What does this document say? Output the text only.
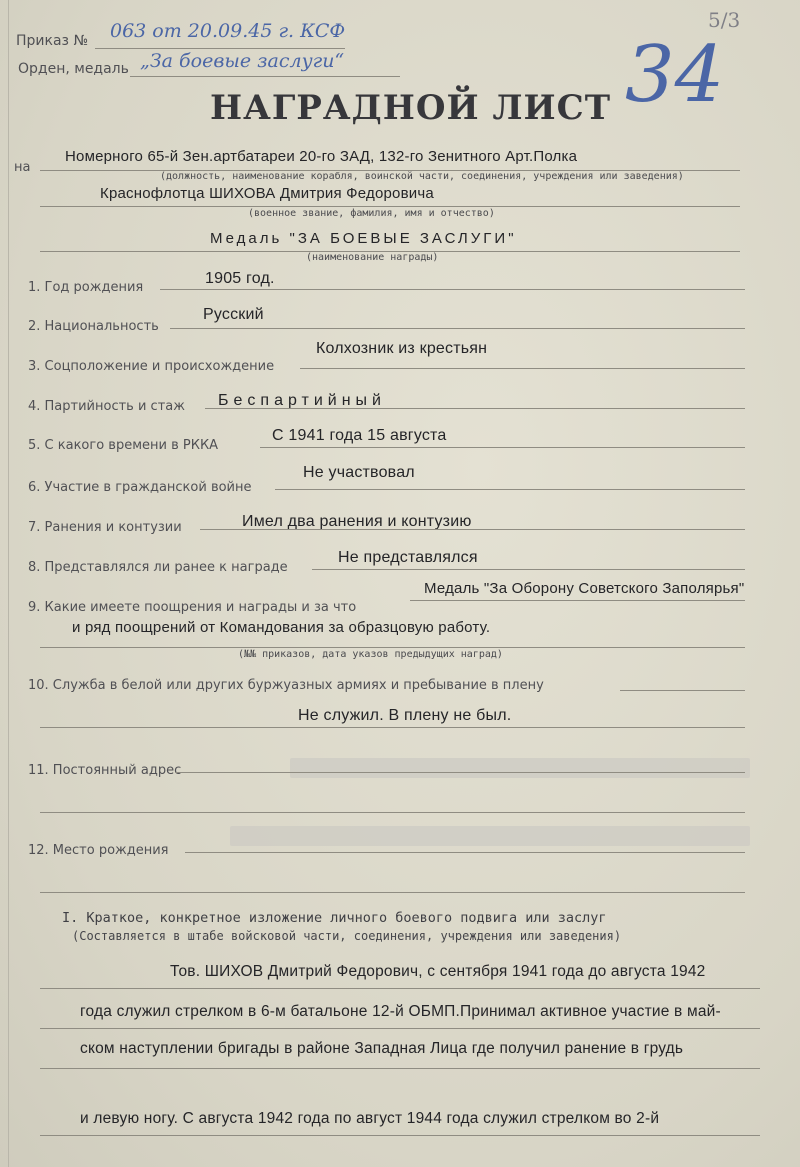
Приказ № 063 от 20.09.45 г. КСФ
Орден, медаль „За боевые заслуги“
5/3
34
НАГРАДНОЙ ЛИСТ
на
Номерного 65-й Зен.артбатареи 20-го ЗАД, 132-го Зенитного Арт.Полка
(должность, наименование корабля, воинской части, соединения, учреждения или заведения)
Краснофлотца ШИХОВА Дмитрия Федоровича
(военное звание, фамилия, имя и отчество)
Медаль "ЗА БОЕВЫЕ ЗАСЛУГИ"
(наименование награды)
1. Год рождения
1905 год.
2. Национальность
Русский
3. Соцположение и происхождение
Колхозник из крестьян
4. Партийность и стаж Беспартийный
5. С какого времени в РККА
С 1941 года 15 августа
6. Участие в гражданской войне
Не участвовал
7. Ранения и контузии	Имел два ранения и контузию
8. Представлялся ли ранее к награде
Не представлялся
9. Какие имеете поощрения и награды и за что
Медаль "За Оборону Советского Заполярья"
и ряд поощрений от Командования за образцовую работу.
(№№ приказов, дата указов предыдущих наград)
10. Служба в белой или других буржуазных армиях и пребывание в плену
Не служил. В плену не был.
11. Постоянный адрес
12. Место рождения
I. Краткое, конкретное изложение личного боевого подвига или заслуг
(Составляется в штабе войсковой части, соединения, учреждения или заведения)
Тов. ШИХОВ Дмитрий Федорович, с сентября 1941 года до августа 1942
года служил стрелком в 6-м батальоне 12-й ОБМП.Принимал активное участие в май-
ском наступлении бригады в районе Западная Лица где получил ранение в грудь
и левую ногу. С августа 1942 года по август 1944 года служил стрелком во 2-й
